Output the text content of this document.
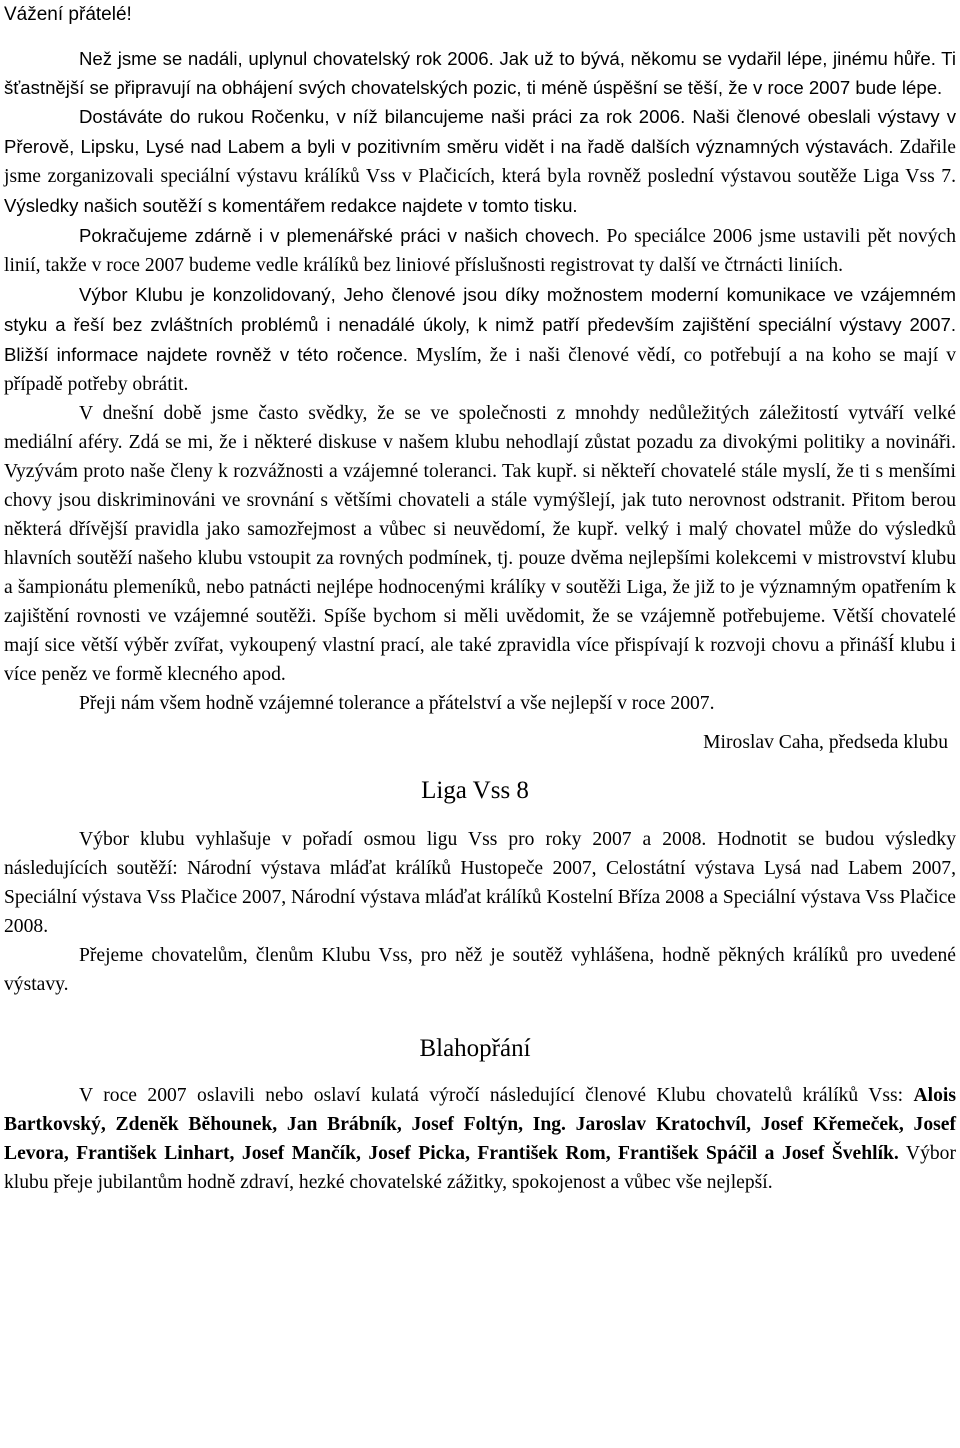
Vážení přátelé!

Než jsme se nadáli, uplynul chovatelský rok 2006. Jak už to bývá, někomu se vydařil lépe, jinému hůře. Ti šťastnější se připravují na obhájení svých chovatelských pozic, ti méně úspěšní se těší, že v roce 2007 bude lépe.

Dostáváte do rukou Ročenku, v níž bilancujeme naši práci za rok 2006. Naši členové obeslali výstavy v Přerově, Lipsku, Lysé nad Labem a byli v pozitivním směru vidět i na řadě dalších významných výstavách. Zdařile jsme zorganizovali speciální výstavu králíků Vss v Plačicích, která byla rovněž poslední výstavou soutěže Liga Vss 7. Výsledky našich soutěží s komentářem redakce najdete v tomto tisku.

Pokračujeme zdárně i v plemenářské práci v našich chovech. Po speciálce 2006 jsme ustavili pět nových linií, takže v roce 2007 budeme vedle králíků bez liniové příslušnosti registrovat ty další ve čtrnácti liniích.

Výbor Klubu je konzolidovaný, Jeho členové jsou díky možnostem moderní komunikace ve vzájemném styku a řeší bez zvláštních problémů i nenadálé úkoly, k nimž patří především zajištění speciální výstavy 2007. Bližší informace najdete rovněž v této ročence. Myslím, že i naši členové vědí, co potřebují a na koho se mají v případě potřeby obrátit.

V dnešní době jsme často svědky, že se ve společnosti z mnohdy nedůležitých záležitostí vytváří velké mediální aféry. Zdá se mi, že i některé diskuse v našem klubu nehodlají zůstat pozadu za divokými politiky a novináři. Vyzývám proto naše členy k rozvážnosti a vzájemné toleranci. Tak kupř. si někteří chovatelé stále myslí, že ti s menšími chovy jsou diskriminováni ve srovnání s většími chovateli a stále vymýšlejí, jak tuto nerovnost odstranit. Přitom berou některá dřívější pravidla jako samozřejmost a vůbec si neuvědomí, že kupř. velký i malý chovatel může do výsledků hlavních soutěží našeho klubu vstoupit za rovných podmínek, tj. pouze dvěma nejlepšími kolekcemi v mistrovství klubu a šampionátu plemeníků, nebo patnácti nejlépe hodnocenými králíky v soutěži Liga, že již to je významným opatřením k zajištění rovnosti ve vzájemné soutěži. Spíše bychom si měli uvědomit, že se vzájemně potřebujeme. Větší chovatelé mají sice větší výběr zvířat, vykoupený vlastní prací, ale také zpravidla více přispívají k rozvoji chovu a přinášÍ klubu i více peněz ve formě klecného apod.

Přeji nám všem hodně vzájemné tolerance a přátelství a vše nejlepší v roce 2007.

Miroslav Caha, předseda klubu
Liga Vss 8

Výbor klubu vyhlašuje v pořadí osmou ligu Vss pro roky 2007 a 2008. Hodnotit se budou výsledky následujících soutěží: Národní výstava mláďat králíků Hustopeče 2007, Celostátní výstava Lysá nad Labem 2007, Speciální výstava Vss Plačice 2007, Národní výstava mláďat králíků Kostelní Bříza 2008 a Speciální výstava Vss Plačice 2008.

Přejeme chovatelům, členům Klubu Vss, pro něž je soutěž vyhlášena, hodně pěkných králíků pro uvedené výstavy.

Blahopřání

V roce 2007 oslavili nebo oslaví kulatá výročí následující členové Klubu chovatelů králíků Vss: Alois Bartkovský, Zdeněk Běhounek, Jan Brábník, Josef Foltýn, Ing. Jaroslav Kratochvíl, Josef Křemeček, Josef Levora, František Linhart, Josef Mančík, Josef Picka, František Rom, František Spáčil a Josef Švehlík. Výbor klubu přeje jubilantům hodně zdraví, hezké chovatelské zážitky, spokojenost a vůbec vše nejlepší.
